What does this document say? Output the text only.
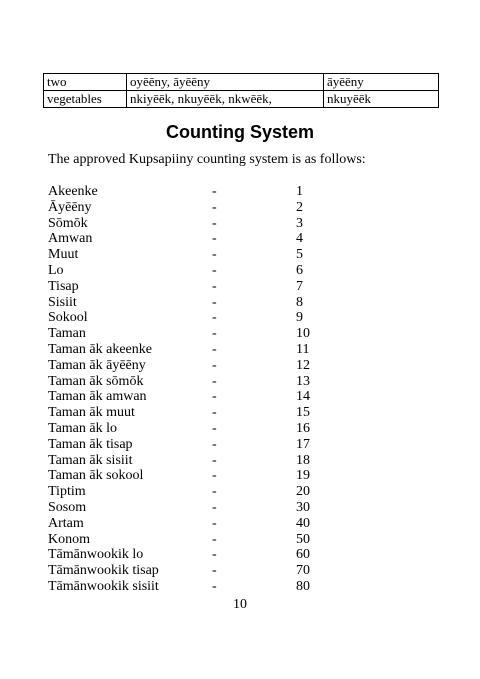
two	oyēēny, āyēēny	āyēēny
vegetables	nkiyēēk, nkuyēēk, nkwēēk,	nkuyēēk
Counting System
The approved Kupsapiiny counting system is as follows:
Akeenke	-	1
Āyēēny	-	2
Sōmōk	-	3
Amwan	-	4
Muut	-	5
Lo	-	6
Tisap	-	7
Sisiit	-	8
Sokool	-	9
Taman	-	10
Taman āk akeenke	-	11
Taman āk āyēēny	-	12
Taman āk sōmōk	-	13
Taman āk amwan	-	14
Taman āk muut	-	15
Taman āk lo	-	16
Taman āk tisap	-	17
Taman āk sisiit	-	18
Taman āk sokool	-	19
Tiptim	-	20
Sosom	-	30
Artam	-	40
Konom	-	50
Tāmānwookik lo	-	60
Tāmānwookik tisap	-	70
Tāmānwookik sisiit	-	80
10
